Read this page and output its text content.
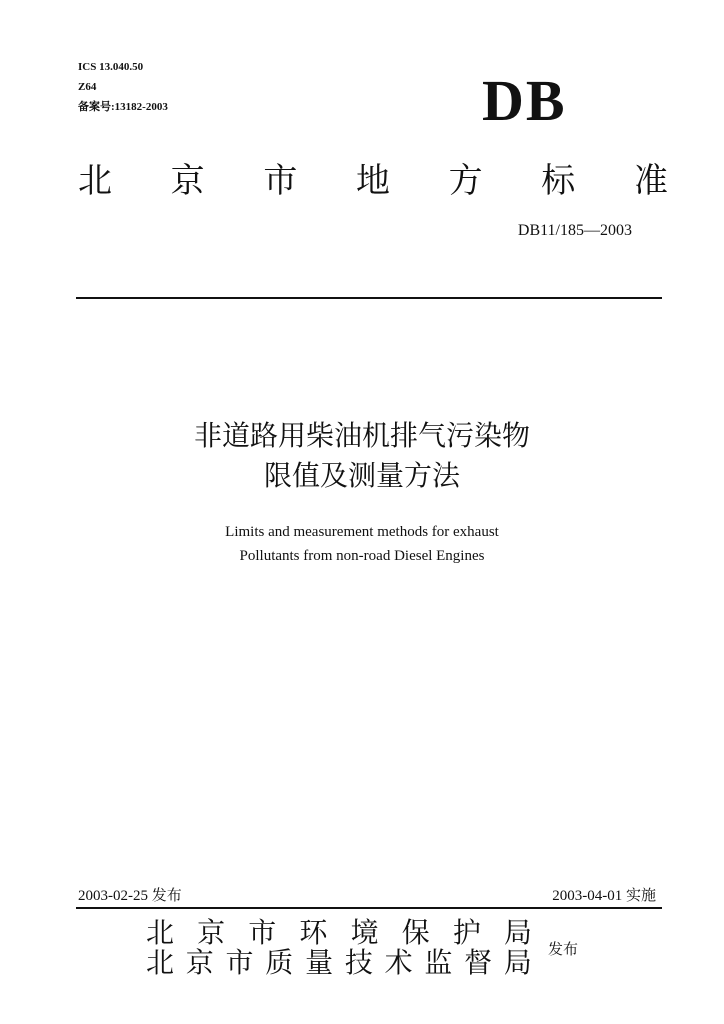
ICS 13.040.50
Z64
备案号:13182-2003	DB
北 京 市 地 方 标 准
DB11/185—2003
非道路用柴油机排气污染物
限值及测量方法
Limits and measurement methods for exhaust
Pollutants from non-road Diesel Engines
2003-02-25 发布	2003-04-01 实施
北 京 市 环 境 保 护 局
北 京 市 质 量 技 术 监 督 局 发布
